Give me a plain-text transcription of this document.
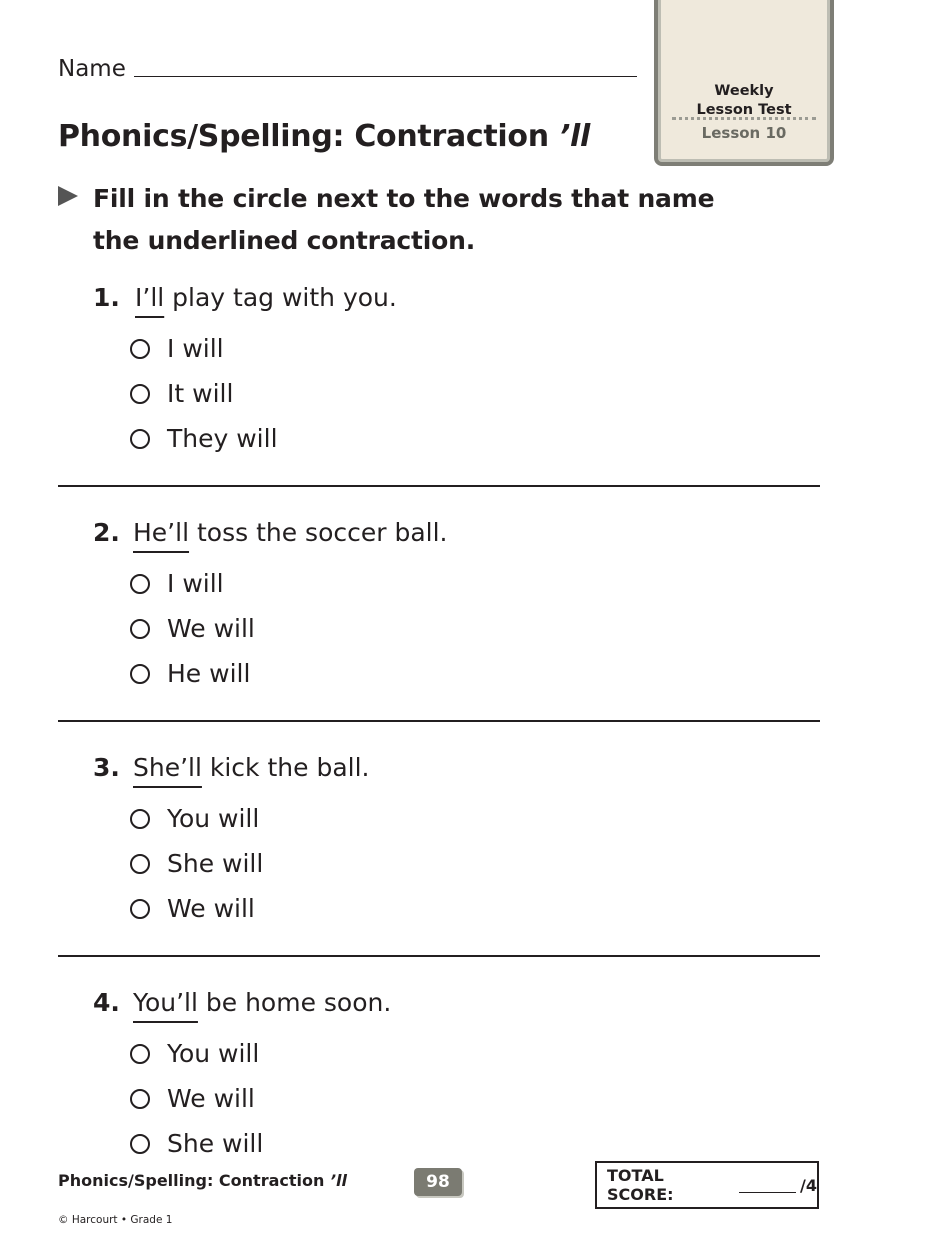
Name
Weekly
Lesson Test
Lesson 10
Phonics/Spelling: Contraction ’ll
Fill in the circle next to the words that name
the underlined contraction.
1. I’ll play tag with you.
I will
It will
They will
2. He’ll toss the soccer ball.
I will
We will
He will
3. She’ll kick the ball.
You will
She will
We will
4. You’ll be home soon.
You will
We will
She will
Phonics/Spelling: Contraction ’ll	98	TOTAL SCORE:	/4
© Harcourt • Grade 1
